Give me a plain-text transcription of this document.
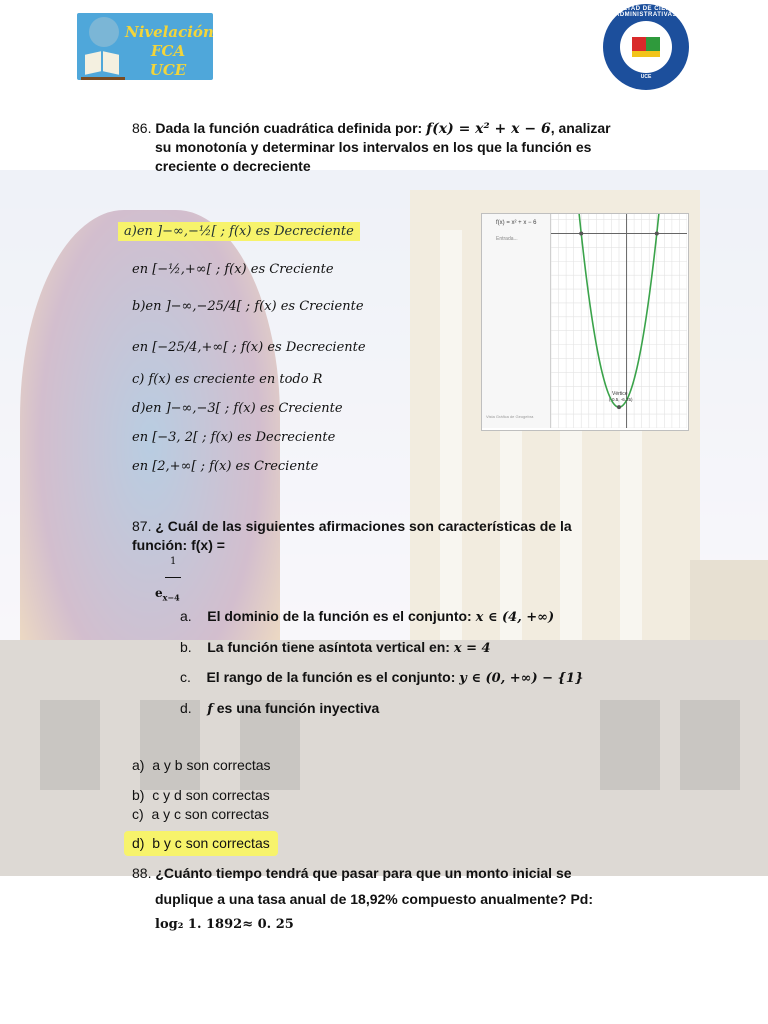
Nivelación FCA
UCE
FACULTAD DE CIENCIAS ADMINISTRATIVAS
UCE
86. Dada la función cuadrática definida por: f(x) = x² + x − 6, analizar
su monotonía y determinar los intervalos en los que la función es
creciente o decreciente
a)en ]−∞,−½[ ; f(x) es Decreciente
en [−½,+∞[ ; f(x) es Creciente
b)en ]−∞,−25/4[ ; f(x) es Creciente
en [−25/4,+∞[ ; f(x) es Decreciente
c) f(x) es creciente en todo R
d)en ]−∞,−3[ ; f(x) es Creciente
en [−3, 2[ ; f(x) es Decreciente
en [2,+∞[ ; f(x) es Creciente
f(x) = x² + x − 6
Entrada...
Vista Gráfica de Geogebra
Vértice
(-0.5, -6.25)
87. ¿ Cuál de las siguientes afirmaciones son características de la
función: f(x) =
1
$e_{x-4}$
a. El dominio de la función es el conjunto: x ∈ (4, +∞)
b. La función tiene asíntota vertical en: x = 4
c. El rango de la función es el conjunto: y ∈ (0, +∞) − {1}
d. f es una función inyectiva
a) a y b son correctas
b) c y d son correctas
c) a y c son correctas
d) b y c son correctas
88. ¿Cuánto tiempo tendrá que pasar para que un monto inicial se
duplique a una tasa anual de 18,92% compuesto anualmente? Pd:
log₂ 1. 1892≈ 0. 25
